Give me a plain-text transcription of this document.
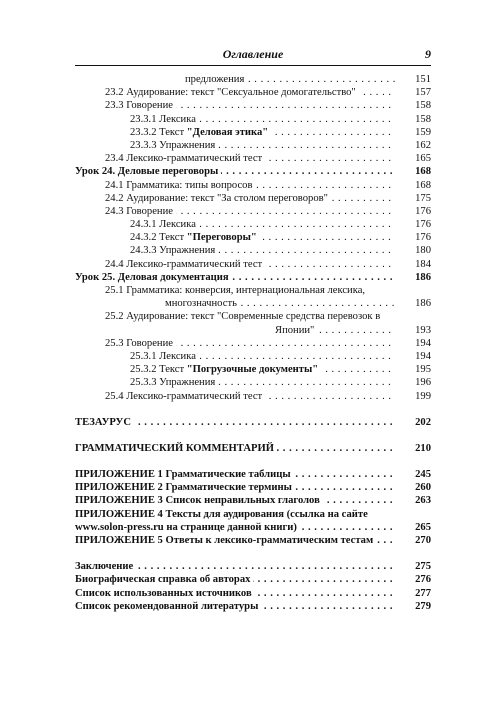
Оглавление	9
предложения . . .	151
23.2 Аудирование: текст "Сексуальное домогательство" . . .	157
23.3 Говорение . . .	158
23.3.1 Лексика . . .	158
23.3.2 Текст "Деловая этика" . . .	159
23.3.3 Упражнения . . .	162
23.4 Лексико-грамматический тест . . .	165
Урок 24. Деловые переговоры . . .	168
24.1 Грамматика: типы вопросов . . .	168
24.2 Аудирование: текст "За столом переговоров" . . .	175
24.3 Говорение . . .	176
24.3.1 Лексика . . .	176
24.3.2 Текст "Переговоры" . . .	176
24.3.3 Упражнения . . .	180
24.4 Лексико-грамматический тест . . .	184
Урок 25. Деловая документация . . .	186
25.1 Грамматика: конверсия, интернациональная лексика,
многозначность . . .	186
25.2 Аудирование: текст "Современные средства перевозок в
Японии" . . .	193
25.3 Говорение . . .	194
25.3.1 Лексика . . .	194
25.3.2 Текст "Погрузочные документы" . . .	195
25.3.3 Упражнения . . .	196
25.4 Лексико-грамматический тест . . .	199
ТЕЗАУРУС . . .	202
ГРАММАТИЧЕСКИЙ КОММЕНТАРИЙ . . .	210
ПРИЛОЖЕНИЕ 1 Грамматические таблицы . . .	245
ПРИЛОЖЕНИЕ 2 Грамматические термины . . .	260
ПРИЛОЖЕНИЕ 3 Список неправильных глаголов . . .	263
ПРИЛОЖЕНИЕ 4 Тексты для аудирования (ссылка на сайте
www.solon-press.ru на странице данной книги) . . .	265
ПРИЛОЖЕНИЕ 5 Ответы к лексико-грамматическим тестам . . .	270
Заключение . . .	275
Биографическая справка об авторах . . .	276
Список использованных источников . . .	277
Список рекомендованной литературы . . .	279
